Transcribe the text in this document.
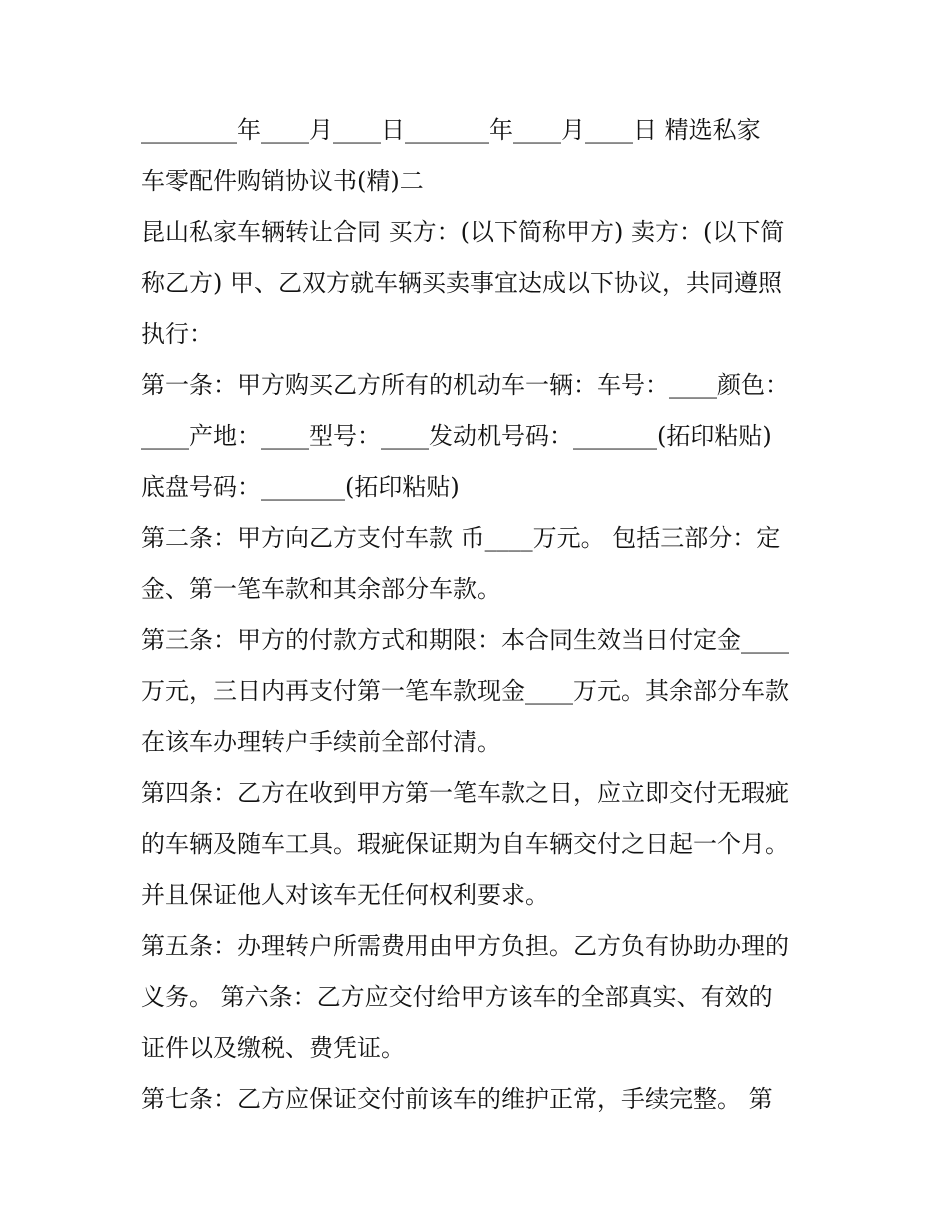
________年____月____日_______年____月____日 精选私家
车零配件购销协议书(精)二
昆山私家车辆转让合同 买方：(以下简称甲方) 卖方：(以下简
称乙方) 甲、乙双方就车辆买卖事宜达成以下协议，共同遵照
执行：
第一条：甲方购买乙方所有的机动车一辆：车号：____颜色：
____产地：____型号：____发动机号码：_______(拓印粘贴)
底盘号码：_______(拓印粘贴)
第二条：甲方向乙方支付车款 币____万元。 包括三部分：定
金、第一笔车款和其余部分车款。
第三条：甲方的付款方式和期限：本合同生效当日付定金____
万元，三日内再支付第一笔车款现金____万元。其余部分车款
在该车办理转户手续前全部付清。
第四条：乙方在收到甲方第一笔车款之日，应立即交付无瑕疵
的车辆及随车工具。瑕疵保证期为自车辆交付之日起一个月。
并且保证他人对该车无任何权利要求。
第五条：办理转户所需费用由甲方负担。乙方负有协助办理的
义务。 第六条：乙方应交付给甲方该车的全部真实、有效的
证件以及缴税、费凭证。
第七条：乙方应保证交付前该车的维护正常，手续完整。 第
